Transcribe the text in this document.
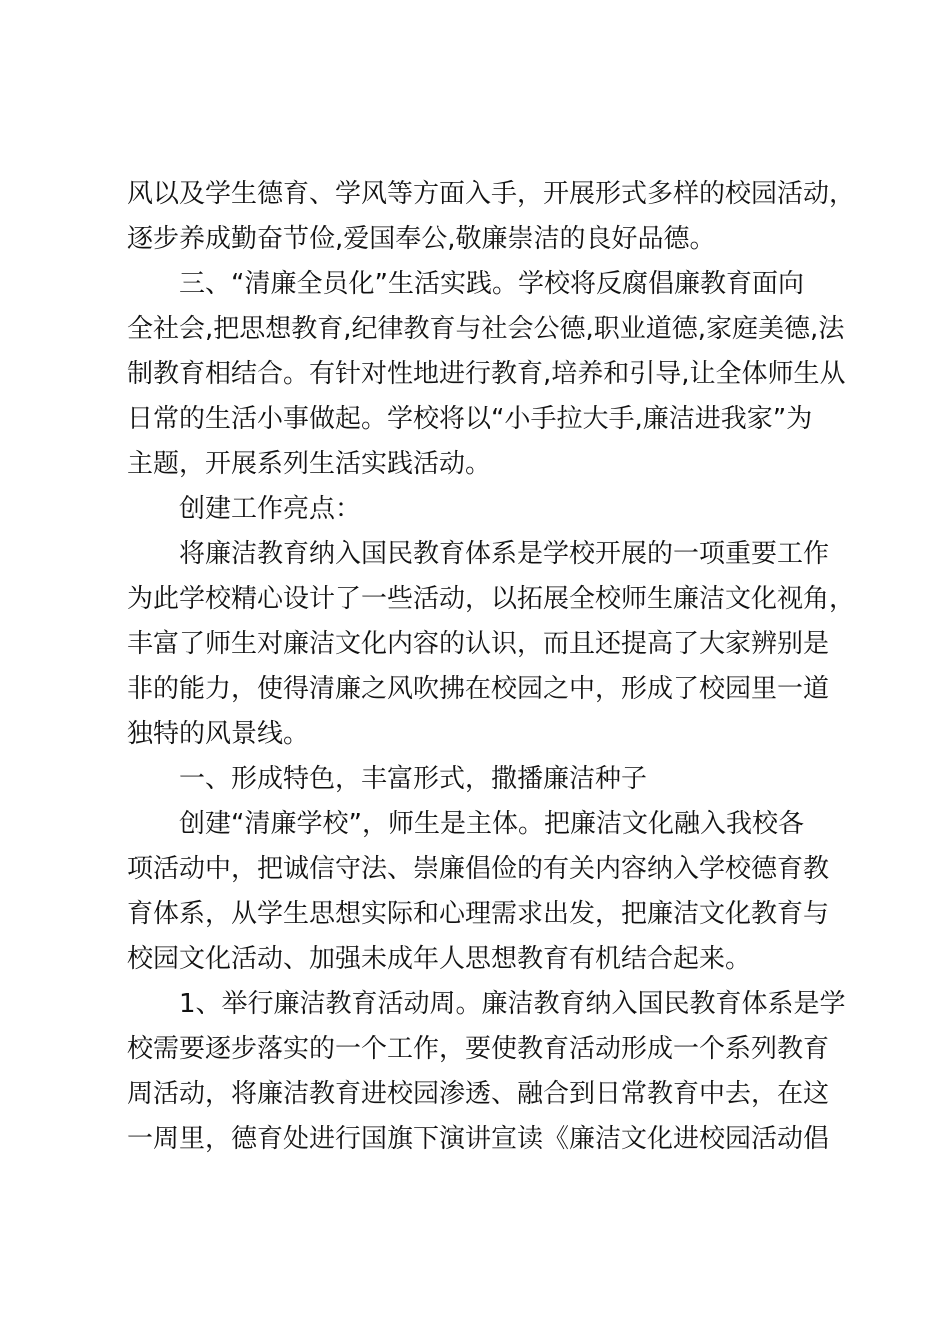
风以及学生德育、学风等方面入手，开展形式多样的校园活动，
逐步养成勤奋节俭,爱国奉公,敬廉崇洁的良好品德。
三、“清廉全员化”生活实践。学校将反腐倡廉教育面向
全社会,把思想教育,纪律教育与社会公德,职业道德,家庭美德,法
制教育相结合。有针对性地进行教育,培养和引导,让全体师生从
日常的生活小事做起。学校将以“小手拉大手,廉洁进我家”为
主题，开展系列生活实践活动。
创建工作亮点：
将廉洁教育纳入国民教育体系是学校开展的一项重要工作
为此学校精心设计了一些活动，以拓展全校师生廉洁文化视角，
丰富了师生对廉洁文化内容的认识，而且还提高了大家辨别是
非的能力，使得清廉之风吹拂在校园之中，形成了校园里一道
独特的风景线。
一、形成特色，丰富形式，撒播廉洁种子
创建“清廉学校”，师生是主体。把廉洁文化融入我校各
项活动中，把诚信守法、崇廉倡俭的有关内容纳入学校德育教
育体系，从学生思想实际和心理需求出发，把廉洁文化教育与
校园文化活动、加强未成年人思想教育有机结合起来。
1、举行廉洁教育活动周。廉洁教育纳入国民教育体系是学
校需要逐步落实的一个工作，要使教育活动形成一个系列教育
周活动，将廉洁教育进校园渗透、融合到日常教育中去，在这
一周里，德育处进行国旗下演讲宣读《廉洁文化进校园活动倡
